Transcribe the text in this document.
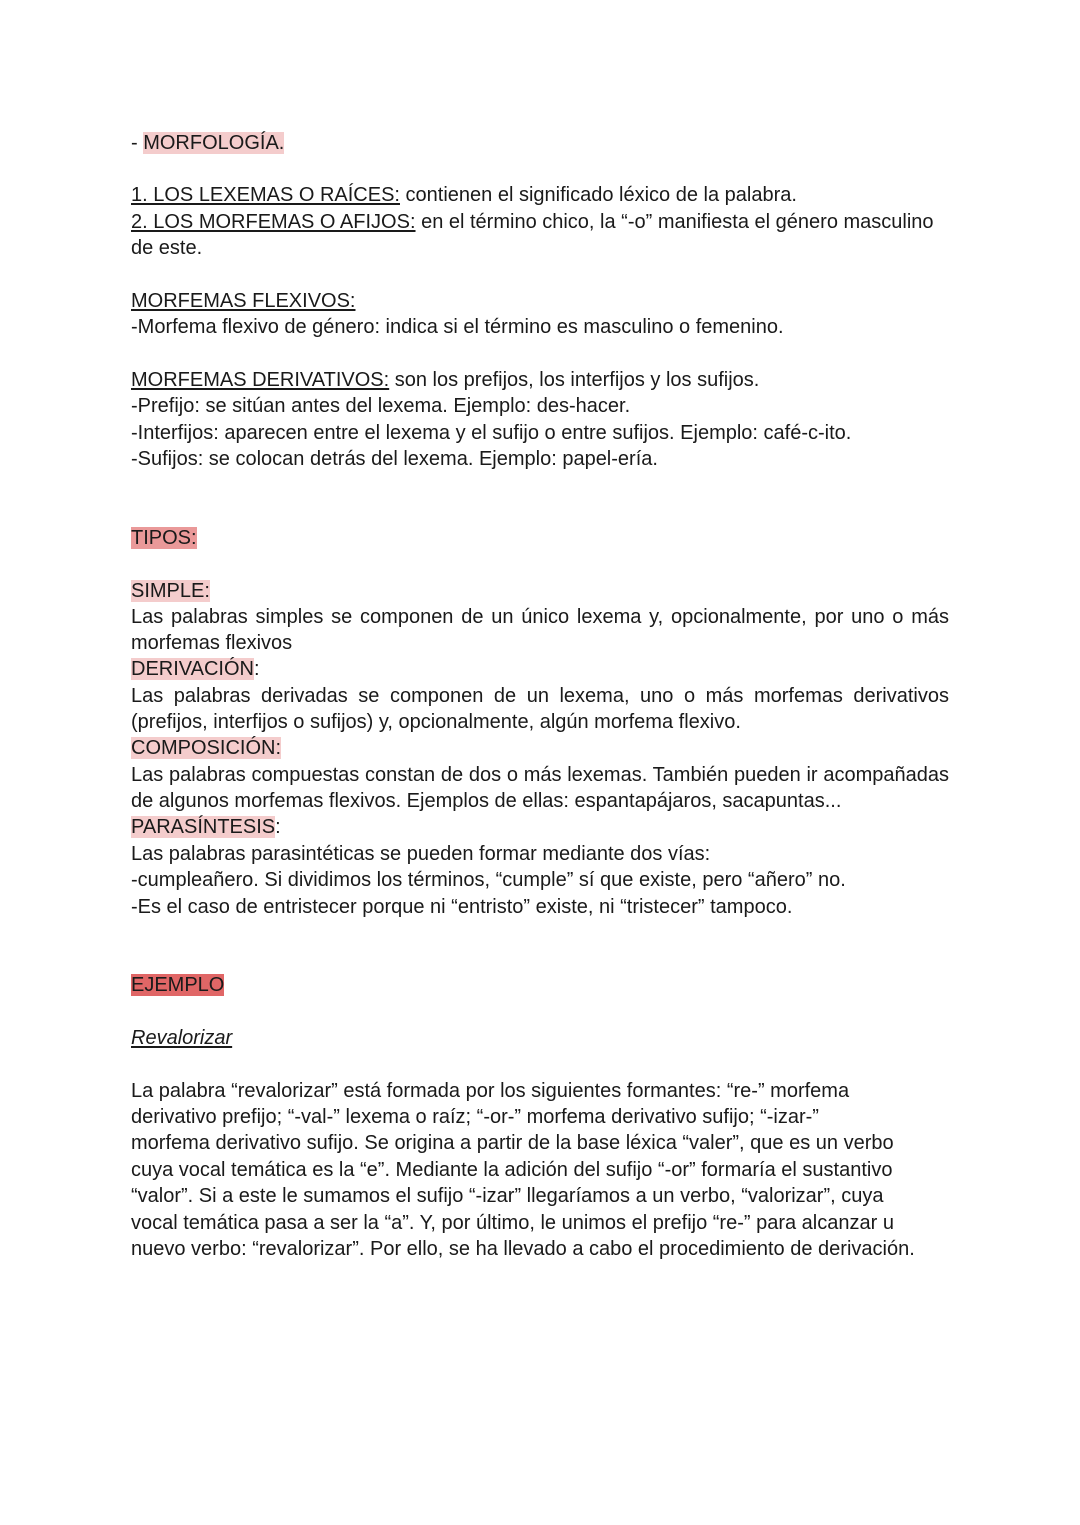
- MORFOLOGÍA.
1. LOS LEXEMAS O RAÍCES: contienen el significado léxico de la palabra.
2. LOS MORFEMAS O AFIJOS: en el término chico, la “-o” manifiesta el género masculino
de este.
MORFEMAS FLEXIVOS:
-Morfema flexivo de género: indica si el término es masculino o femenino.
MORFEMAS DERIVATIVOS: son los prefijos, los interfijos y los sufijos.
-Prefijo: se sitúan antes del lexema. Ejemplo: des-hacer.
-Interfijos: aparecen entre el lexema y el sufijo o entre sufijos. Ejemplo: café-c-ito.
-Sufijos: se colocan detrás del lexema. Ejemplo: papel-ería.
TIPOS:
SIMPLE:
Las palabras simples se componen de un único lexema y, opcionalmente, por uno o más
morfemas flexivos
DERIVACIÓN:
Las palabras derivadas se componen de un lexema, uno o más morfemas derivativos
(prefijos, interfijos o sufijos) y, opcionalmente, algún morfema flexivo.
COMPOSICIÓN:
Las palabras compuestas constan de dos o más lexemas. También pueden ir acompañadas
de algunos morfemas flexivos. Ejemplos de ellas: espantapájaros, sacapuntas...
PARASÍNTESIS:
Las palabras parasintéticas se pueden formar mediante dos vías:
-cumpleañero. Si dividimos los términos, “cumple” sí que existe, pero “añero” no.
-Es el caso de entristecer porque ni “entristo” existe, ni “tristecer” tampoco.
EJEMPLO
Revalorizar
La palabra “revalorizar” está formada por los siguientes formantes: “re-” morfema
derivativo prefijo; “-val-” lexema o raíz; “-or-” morfema derivativo sufijo; “-izar-”
morfema derivativo sufijo. Se origina a partir de la base léxica “valer”, que es un verbo
cuya vocal temática es la “e”. Mediante la adición del sufijo “-or” formaría el sustantivo
“valor”. Si a este le sumamos el sufijo “-izar” llegaríamos a un verbo, “valorizar”, cuya
vocal temática pasa a ser la “a”. Y, por último, le unimos el prefijo “re-” para alcanzar u
nuevo verbo: “revalorizar”. Por ello, se ha llevado a cabo el procedimiento de derivación.
